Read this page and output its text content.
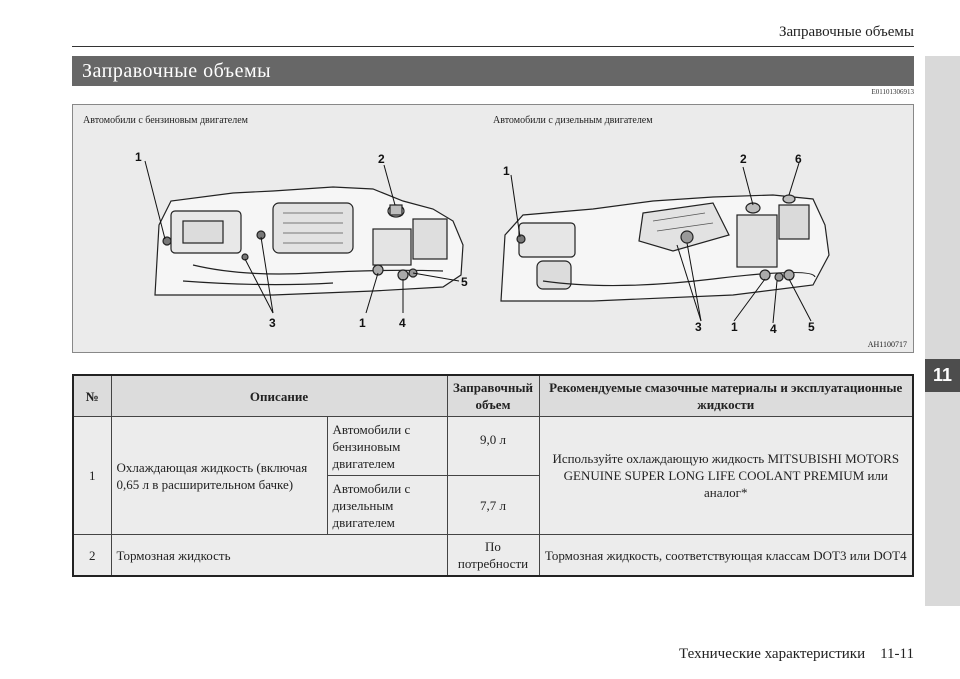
Заправочные объемы
Заправочные объемы
E01101306913
Автомобили с бензиновым двигателем	Автомобили с дизельным двигателем
1	2
5
3	1	4
1
2	6
3 1	4	5
AH1100717
11
№	Описание		Заправочный объем	Рекомендуемые смазочные материалы и эксплуатационные жидкости
1	Охлаждающая жидкость (включая 0,65 л в расширительном бачке)	Автомобили с бензиновым двигателем	9,0 л	Используйте охлаждающую жидкость MITSUBISHI MOTORS GENUINE SUPER LONG LIFE COOLANT PREMIUM или аналог*
		Автомобили с дизельным двигателем	7,7 л	
2	Тормозная жидкость		По потребности	Тормозная жидкость, соответствующая классам DOT3 или DOT4
Технические характеристики    11-11
